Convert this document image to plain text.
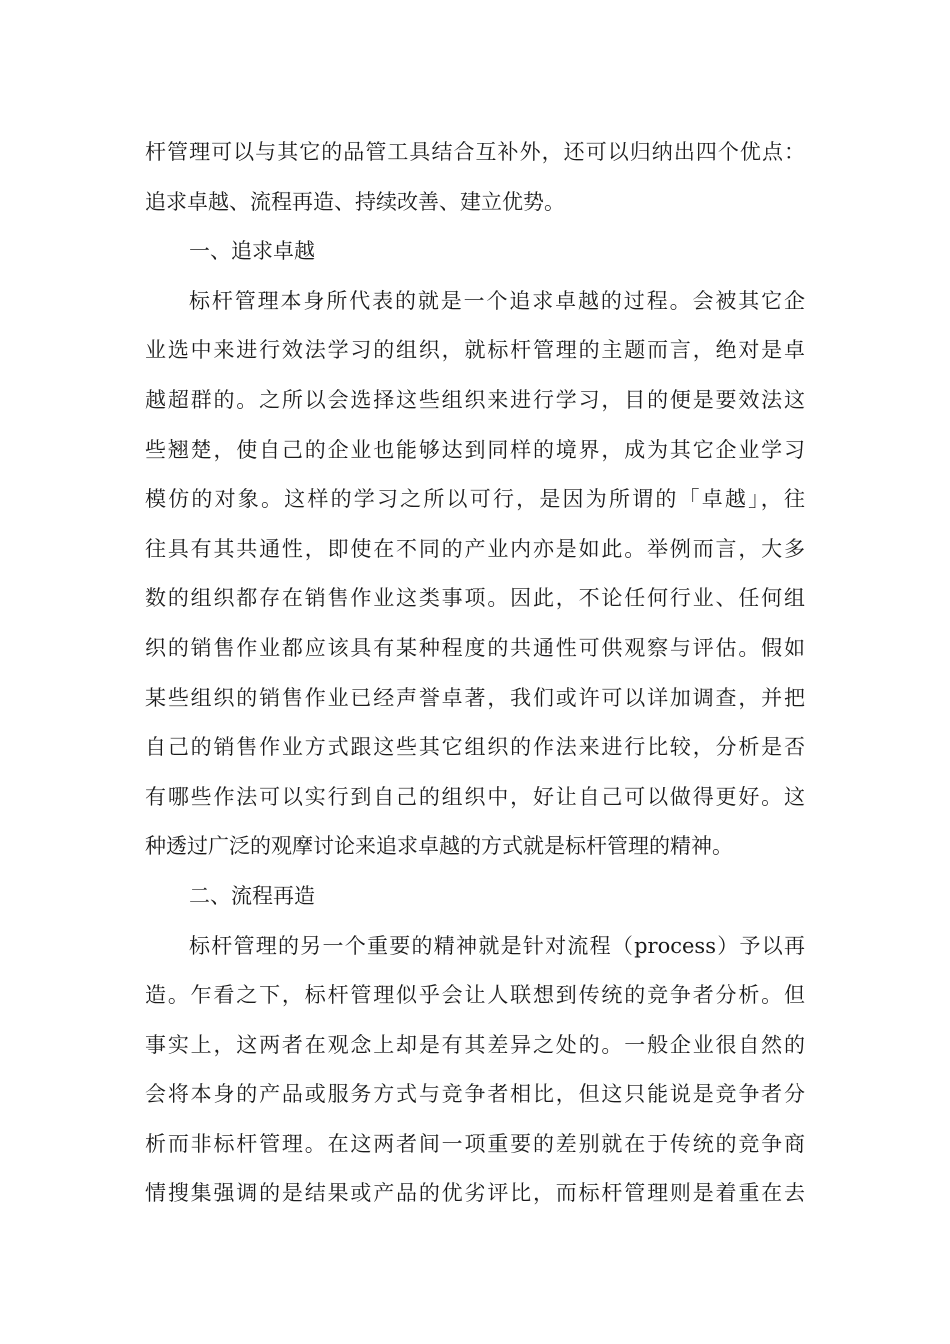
杆管理可以与其它的品管工具结合互补外，还可以归纳出四个优点：
追求卓越、流程再造、持续改善、建立优势。
一、追求卓越
标杆管理本身所代表的就是一个追求卓越的过程。会被其它企
业选中来进行效法学习的组织，就标杆管理的主题而言，绝对是卓
越超群的。之所以会选择这些组织来进行学习，目的便是要效法这
些翘楚，使自己的企业也能够达到同样的境界，成为其它企业学习
模仿的对象。这样的学习之所以可行，是因为所谓的「卓越」，往
往具有其共通性，即使在不同的产业内亦是如此。举例而言，大多
数的组织都存在销售作业这类事项。因此，不论任何行业、任何组
织的销售作业都应该具有某种程度的共通性可供观察与评估。假如
某些组织的销售作业已经声誉卓著，我们或许可以详加调查，并把
自己的销售作业方式跟这些其它组织的作法来进行比较，分析是否
有哪些作法可以实行到自己的组织中，好让自己可以做得更好。这
种透过广泛的观摩讨论来追求卓越的方式就是标杆管理的精神。
二、流程再造
标杆管理的另一个重要的精神就是针对流程（process）予以再
造。乍看之下，标杆管理似乎会让人联想到传统的竞争者分析。但
事实上，这两者在观念上却是有其差异之处的。一般企业很自然的
会将本身的产品或服务方式与竞争者相比，但这只能说是竞争者分
析而非标杆管理。在这两者间一项重要的差别就在于传统的竞争商
情搜集强调的是结果或产品的优劣评比，而标杆管理则是着重在去
